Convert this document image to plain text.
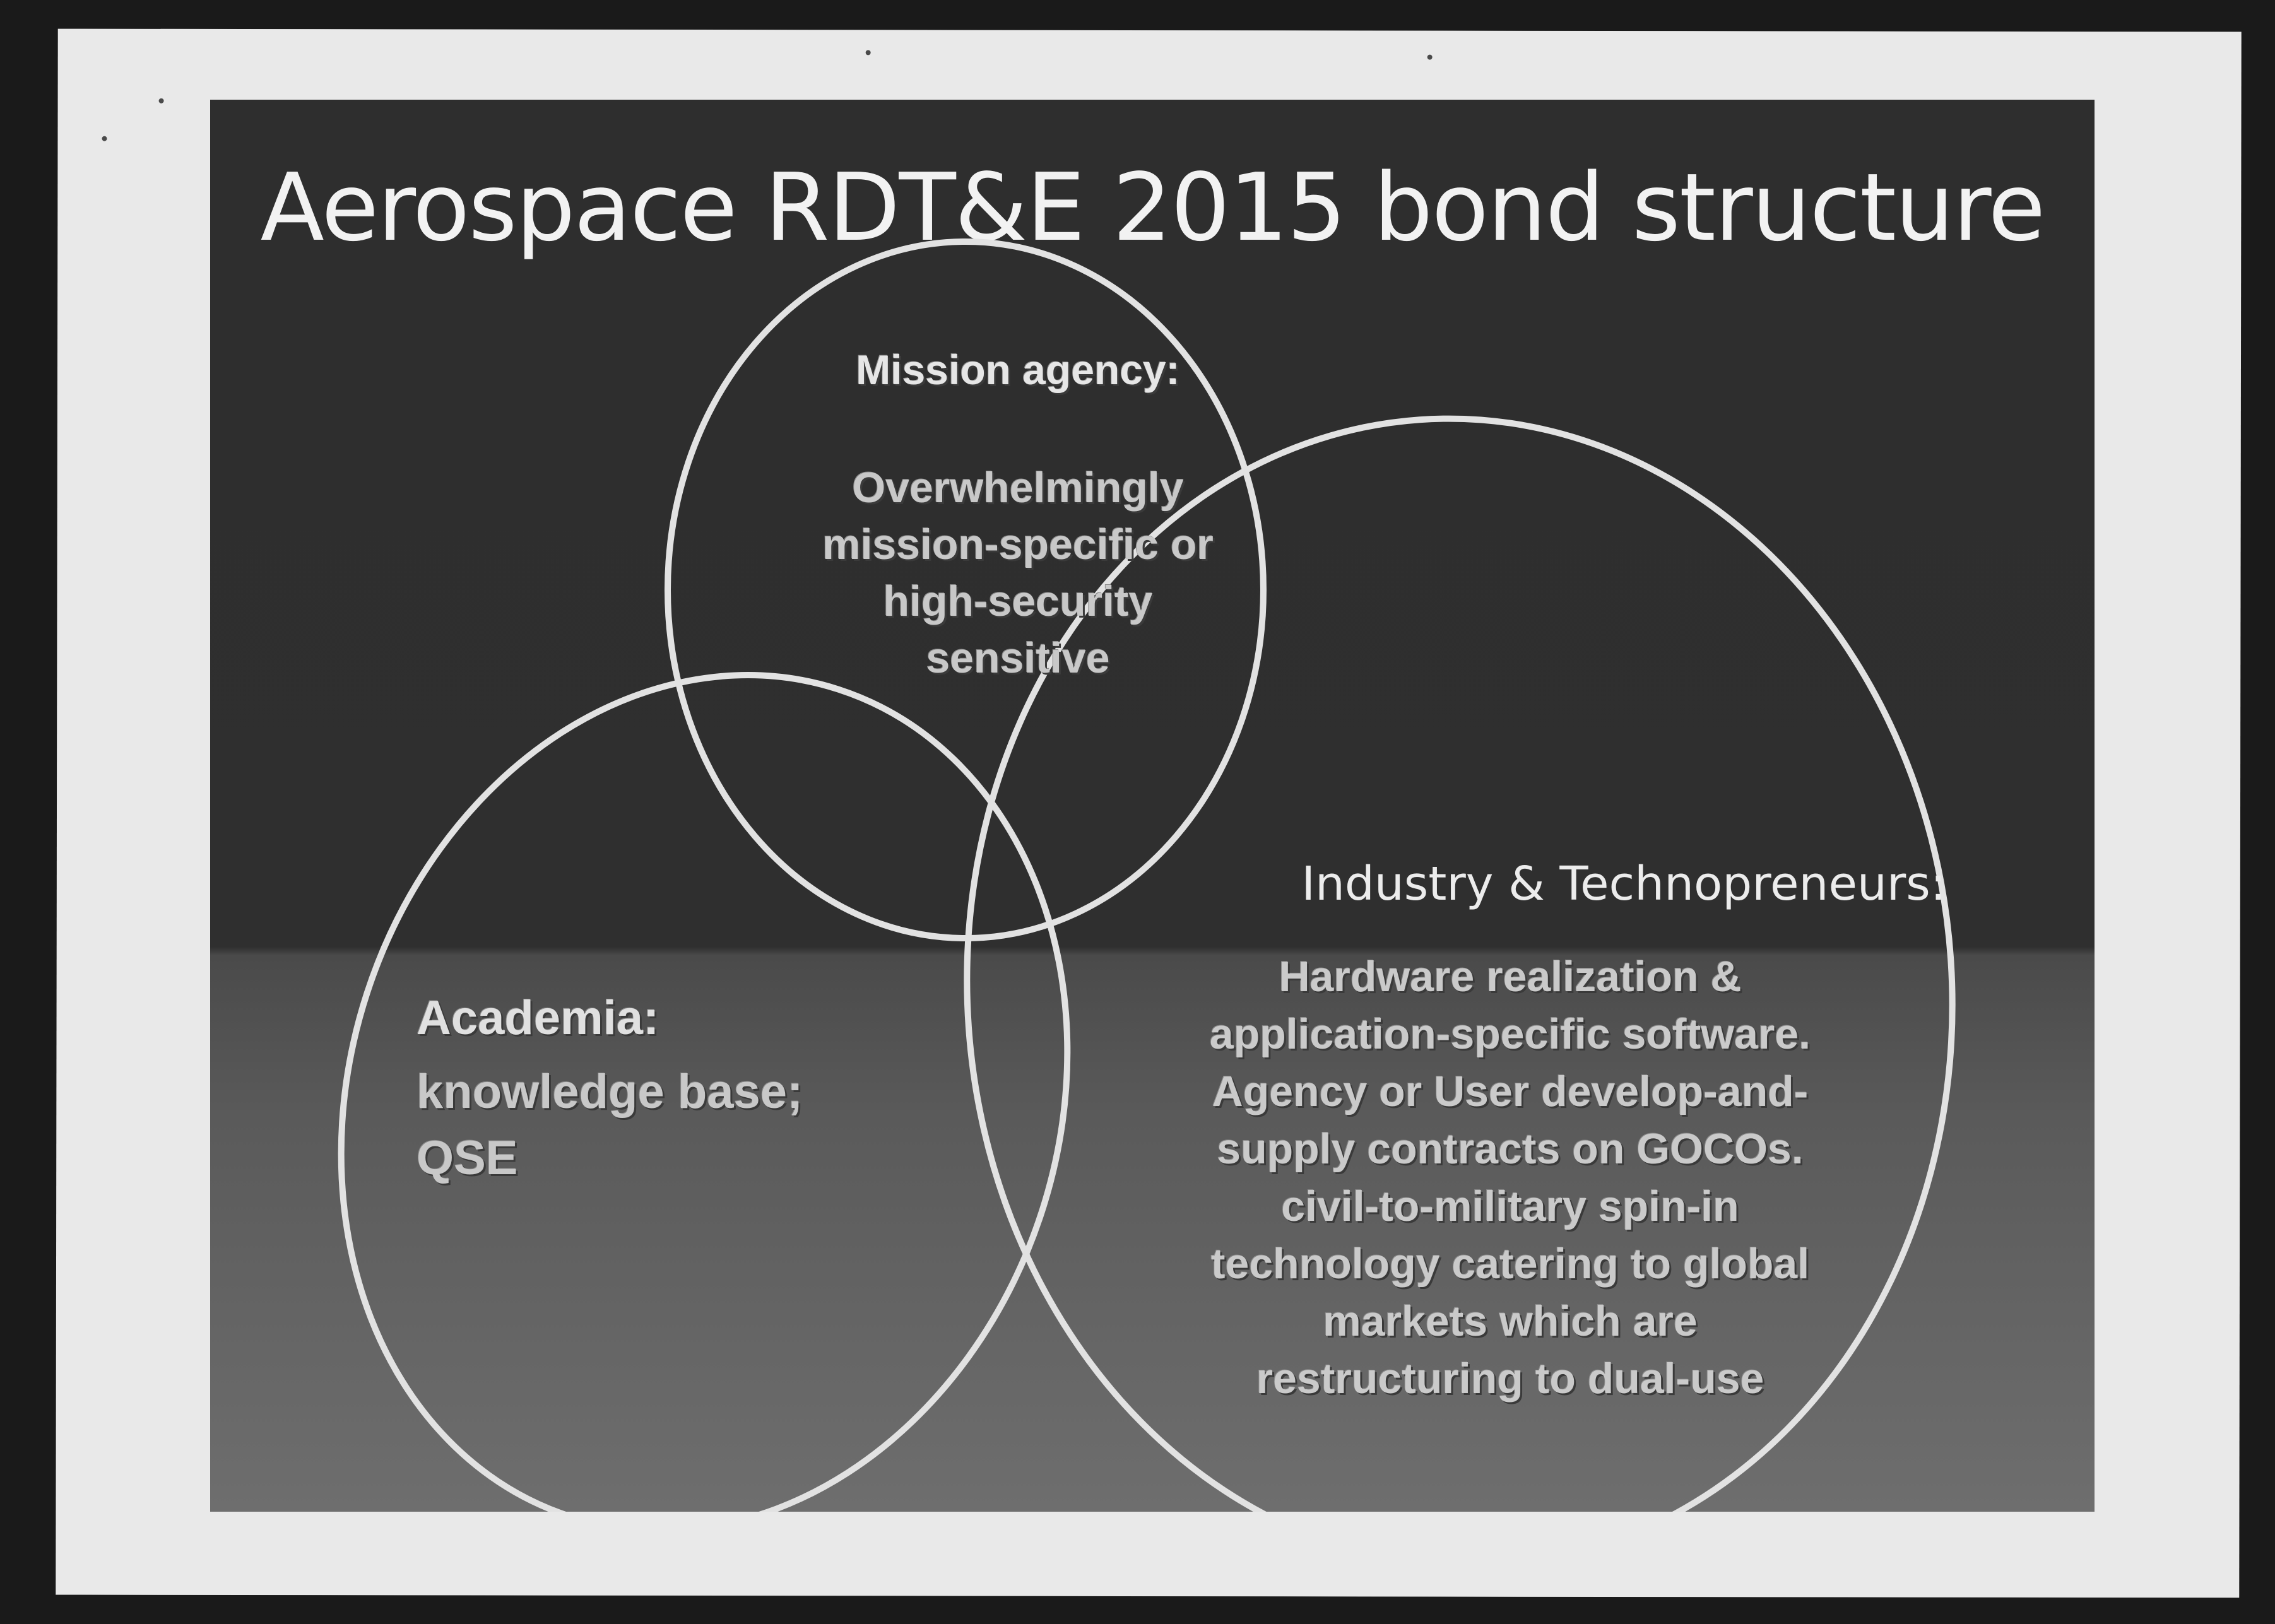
Aerospace RDT&E 2015 bond structure
Mission agency:
Overwhelmingly
mission-specific or
high-security
sensitive
Academia:
knowledge base;
QSE
Industry & Technopreneurs:
Hardware realization &
application-specific software.
Agency or User develop-and-
supply contracts on GOCOs.
civil-to-military spin-in
technology catering to global
markets which are
restructuring to dual-use
